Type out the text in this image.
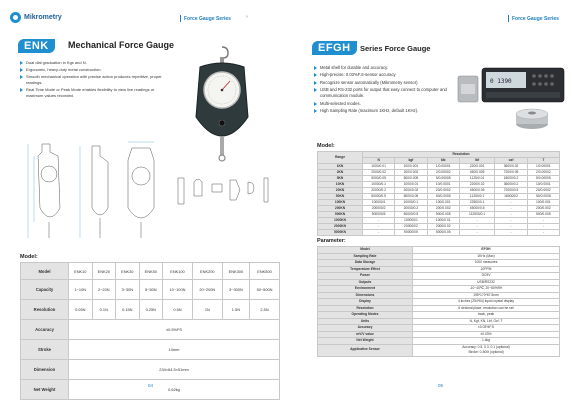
Mikrometry	Force Gauge Series	›	Force Gauge Series
ENK	Mechanical Force Gauge
Dual dial graduation in Kgs and N.
Ergonomic, heavy-duty metal construction.
Smooth mechanical operation with precise action produces repetitive, proper readings.
Real Time Mode or Peak Mode enables flexibility to view live readings or maximum values recorded.
Model:
Model	ENK10	ENK20	ENK30	ENK50	ENK100	ENK200	ENK300	ENK500
Capacity	1~10N	2~20N	3~30N	5~50N	10~100N	20~200N	3~300N	50~500N
Resolution	0.05N	0.1N	0.15N	0.25N	0.5N	1N	1.5N	2.5N
Accuracy	±0.5%FS							
Stroke	10mm							
Dimension	234×64.5×51mm							
Net Weight	0.62kg							
EFGH	Series Force Gauge
Metal shell for durable and accuracy.
High-precise: 0.03%F.S-sensor accuracy
Recognize sensor automatically (Mikrometry sensor)
USB and RS-232 ports for output that easy connect to computer and communication module.
Multi-selected modes.
High Sampling Rate (maximum 1KHz, default 1KHz).
0 1390
Model:
Range	Resolution					
	N	kgf	klb	lbf	ozf	T
1KN	1000/0.01	100/0.001	1/0.00001	220/0.001	3600/0.02	1/0.00001
2KN	2000/0.02	200/0.002	2/0.00002	450/0.005	7200/0.05	2/0.00002
5KN	5000/0.05	500/0.005	5/0.00005	1125/0.01	18000/0.2	5/0.00005
10KN	10000/0.1	1000/0.01	10/0.0001	2200/0.02	36000/0.2	10/0.0001
20KN	20000/0.2	2000/0.02	20/0.0002	4500/0.05	72000/0.5	20/0.0002
50KN	50000/0.5	5000/0.05	50/0.0005	11250/0.1	180000/2	50/0.0005
100KN	100000/1	10000/0.1	100/0.001	22500/0.1	-	100/0.001
200KN	200000/2	20000/0.2	200/0.002	45000/0.5	-	200/0.002
500KN	500000/5	50000/0.5	500/0.005	112500/0.1	-	500/0.005
1000KN	-	100000/1	1000/0.01	-	-	-
2000KN	-	200000/2	2000/0.02	-	-	-
5000KN	-	500000/5	5000/0.05	-	-	-
Parameter:
Model	EFGH
Sampling Rate	1KHz (Max)
Data Storage	1000 measures
Temperature Effect	10PPM
Power	DC9V
Outputs	USB/RS232
Environment	-10~40℃, 20~80%RH
Dimensions	195*170*67.5mm
Display	4 inches (254*64) liquid crystal display
Resolution	6 decimal place, resolution can be set
Operating Modes	track, peak
Units	N, Kgf, KN, Lbf, Ozf, T
Accuracy	±0.03%F.S
mV/V value	±0.03%
Net Weight	1.4kg
Applicative Sensor	Accuracy: 0.5, 0.3, 0.1 (optional)
Stroke: 0-500t (optional)
04	05
